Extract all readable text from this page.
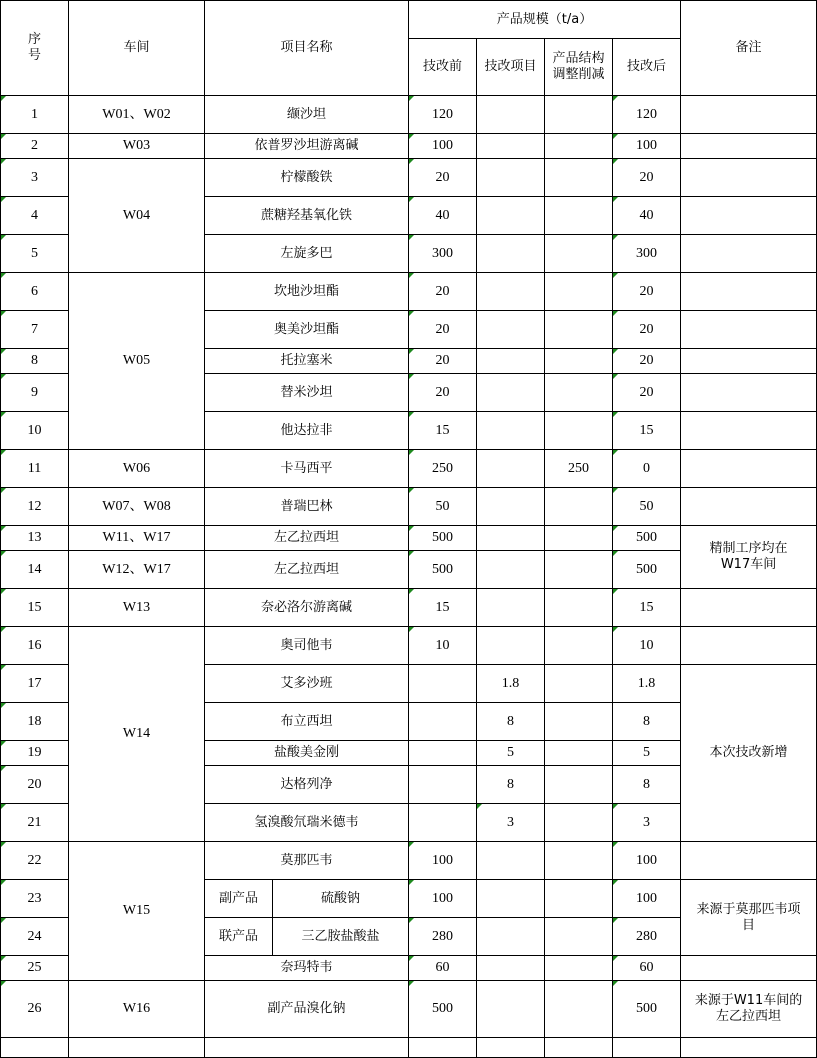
序号	车间	项目名称		产品规模（t/a）				备注
				技改前	技改项目	产品结构调整削减	技改后	
1	W01、W02	缬沙坦		120			120	
2	W03	依普罗沙坦游离碱		100			100	
3	W04	柠檬酸铁		20			20	
4		蔗糖羟基氧化铁		40			40	
5		左旋多巴		300			300	
6	W05	坎地沙坦酯		20			20	
7		奥美沙坦酯		20			20	
8		托拉塞米		20			20	
9		替米沙坦		20			20	
10		他达拉非		15			15	
11	W06	卡马西平		250		250	0	
12	W07、W08	普瑞巴林		50			50	
13	W11、W17	左乙拉西坦		500			500	精制工序均在W17车间
14	W12、W17	左乙拉西坦		500			500	
15	W13	奈必洛尔游离碱		15			15	
16	W14	奥司他韦		10			10	
17		艾多沙班			1.8		1.8	本次技改新增
18		布立西坦			8		8	
19		盐酸美金刚			5		5	
20		达格列净			8		8	
21		氢溴酸氘瑞米德韦			3		3	
22	W15	莫那匹韦		100			100	
23		副产品	硫酸钠	100			100	来源于莫那匹韦项目
24		联产品	三乙胺盐酸盐	280			280	
25		奈玛特韦		60			60	
26	W16	副产品溴化钠		500			500	来源于W11车间的左乙拉西坦
